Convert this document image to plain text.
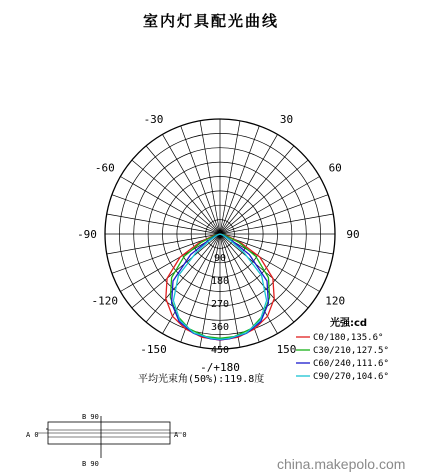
室内灯具配光曲线
-/+180
-150	150
-120	120
-90	90
-60	60
-30	30
0
90
180
270
360
450
光强:cd
C0/180,135.6°
C30/210,127.5°
C60/240,111.6°
C90/270,104.6°
平均光束角(50%):119.8度
B 90
B 90
A 0	A 0
china.makepolo.com
